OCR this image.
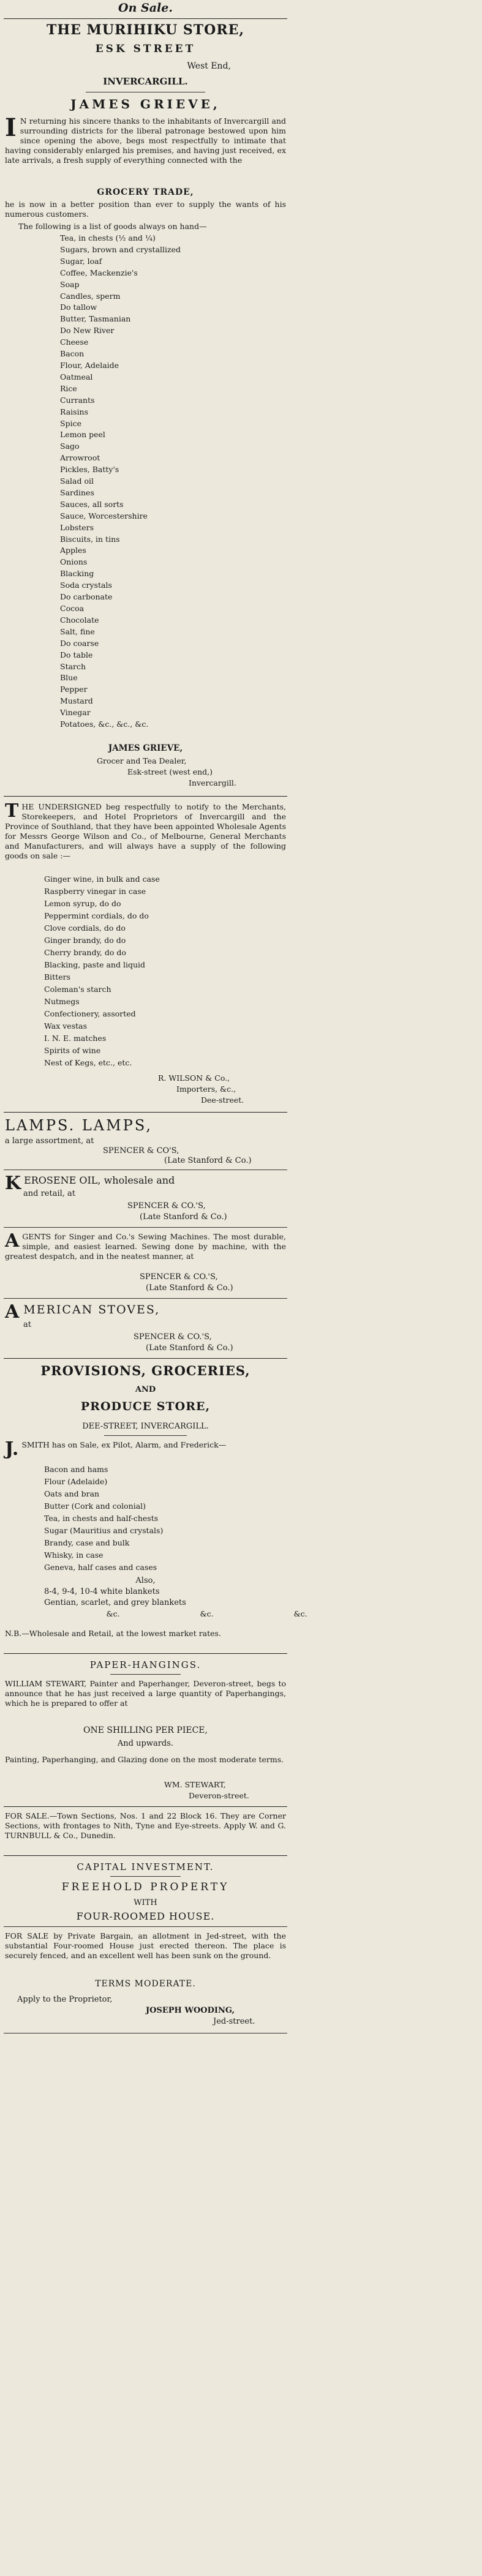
On Sale.
THE MURIHIKU STORE,
ESK STREET
West End,
INVERCARGILL.
JAMES GRIEVE,
I N returning his sincere thanks to the inhabitants of Invercargill and surrounding districts for the liberal patronage bestowed upon him since opening the above, begs most respectfully to intimate that having considerably enlarged his premises, and having just received, ex late arrivals, a fresh supply of everything connected with the
GROCERY TRADE,
he is now in a better position than ever to supply the wants of his numerous customers.
The following is a list of goods always on hand—
Tea, in chests (½ and ¼)
Sugars, brown and crystallized
Sugar, loaf
Coffee, Mackenzie's
Soap
Candles, sperm
Do tallow
Butter, Tasmanian
Do New River
Cheese
Bacon
Flour, Adelaide
Oatmeal
Rice
Currants
Raisins
Spice
Lemon peel
Sago
Arrowroot
Pickles, Batty's
Salad oil
Sardines
Sauces, all sorts
Sauce, Worcestershire
Lobsters
Biscuits, in tins
Apples
Onions
Blacking
Soda crystals
Do carbonate
Cocoa
Chocolate
Salt, fine
Do coarse
Do table
Starch
Blue
Pepper
Mustard
Vinegar
Potatoes, &c., &c., &c.
JAMES GRIEVE,
Grocer and Tea Dealer,
Esk-street (west end,)
Invercargill.
THE UNDERSIGNED beg respectfully to notify to the Merchants, Storekeepers, and Hotel Proprietors of Invercargill and the Province of Southland, that they have been appointed Wholesale Agents for Messrs George Wilson and Co., of Melbourne, General Merchants and Manufacturers, and will always have a supply of the following goods on sale :—
Ginger wine, in bulk and case
Raspberry vinegar in case
Lemon syrup, do do
Peppermint cordials, do do
Clove cordials, do do
Ginger brandy, do do
Cherry brandy, do do
Blacking, paste and liquid
Bitters
Coleman's starch
Nutmegs
Confectionery, assorted
Wax vestas
I. N. E. matches
Spirits of wine
Nest of Kegs, etc., etc.
R. WILSON & Co.,
Importers, &c.,
Dee-street.
LAMPS. LAMPS,
a large assortment, at
SPENCER & CO'S,
(Late Stanford & Co.)
KEROSENE OIL, wholesale and
and retail, at
SPENCER & CO.'S,
(Late Stanford & Co.)
AGENTS for Singer and Co.'s Sewing Machines. The most durable, simple, and easiest learned. Sewing done by machine, with the greatest despatch, and in the neatest manner, at
SPENCER & CO.'S,
(Late Stanford & Co.)
AMERICAN STOVES,
at
SPENCER & CO.'S,
(Late Stanford & Co.)
PROVISIONS, GROCERIES,
AND
PRODUCE STORE,
DEE-STREET, INVERCARGILL.
J. SMITH has on Sale, ex Pilot, Alarm, and Frederick—
Bacon and hams
Flour (Adelaide)
Oats and bran
Butter (Cork and colonial)
Tea, in chests and half-chests
Sugar (Mauritius and crystals)
Brandy, case and bulk
Whisky, in case
Geneva, half cases and cases
Also,
8-4, 9-4, 10-4 white blankets
Gentian, scarlet, and grey blankets
&c.	&c.	&c.
N.B.—Wholesale and Retail, at the lowest market rates.
PAPER-HANGINGS.
WILLIAM STEWART, Painter and Paperhanger, Deveron-street, begs to announce that he has just received a large quantity of Paperhangings, which he is prepared to offer at
ONE SHILLING PER PIECE,
And upwards.
Painting, Paperhanging, and Glazing done on the most moderate terms.
WM. STEWART,
Deveron-street.
FOR SALE.—Town Sections, Nos. 1 and 22 Block 16. They are Corner Sections, with frontages to Nith, Tyne and Eye-streets. Apply W. and G. TURNBULL & Co., Dunedin.
CAPITAL INVESTMENT.
FREEHOLD PROPERTY
WITH
FOUR-ROOMED HOUSE.
FOR SALE by Private Bargain, an allotment in Jed-street, with the substantial Four-roomed House just erected thereon. The place is securely fenced, and an excellent well has been sunk on the ground.
TERMS MODERATE.
Apply to the Proprietor,
JOSEPH WOODING,
Jed-street.
